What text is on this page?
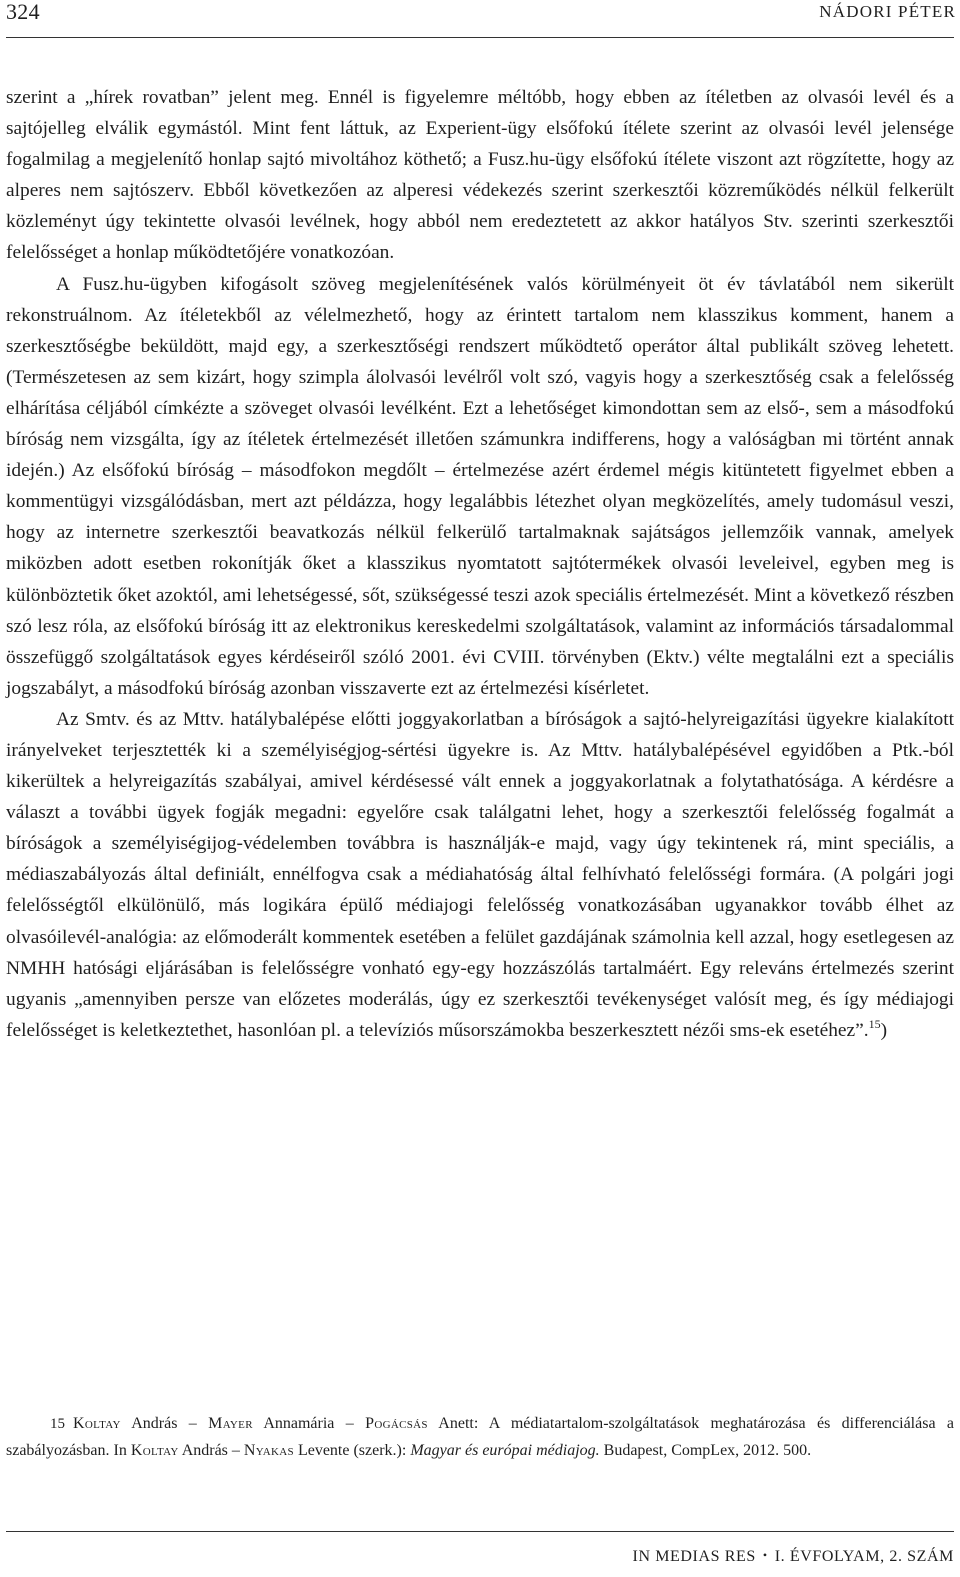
324	NÁDORI PÉTER

szerint a „hírek rovatban” jelent meg. Ennél is figyelemre méltóbb, hogy ebben az ítéletben az olvasói levél és a sajtójelleg elválik egymástól. Mint fent láttuk, az Experient-ügy elsőfokú ítélete szerint az olvasói levél jelensége fogalmilag a megjelenítő honlap sajtó mivoltához köthető; a Fusz.hu-ügy elsőfokú ítélete viszont azt rögzítette, hogy az alperes nem sajtószerv. Ebből következően az alperesi védekezés szerint szerkesztői közreműködés nélkül felkerült közleményt úgy tekintette olvasói levélnek, hogy abból nem eredeztetett az akkor hatályos Stv. szerinti szerkesztői felelősséget a honlap működtetőjére vonatkozóan.

A Fusz.hu-ügyben kifogásolt szöveg megjelenítésének valós körülményeit öt év távlatából nem sikerült rekonstruálnom. Az ítéletekből az vélelmezhető, hogy az érintett tartalom nem klasszikus komment, hanem a szerkesztőségbe beküldött, majd egy, a szerkesztőségi rendszert működtető operátor által publikált szöveg lehetett. (Természetesen az sem kizárt, hogy szimpla álolvasói levélről volt szó, vagyis hogy a szerkesztőség csak a felelősség elhárítása céljából címkézte a szöveget olvasói levélként. Ezt a lehetőséget kimondottan sem az első-, sem a másodfokú bíróság nem vizsgálta, így az ítéletek értelmezését illetően számunkra indifferens, hogy a valóságban mi történt annak idején.) Az elsőfokú bíróság – másodfokon megdőlt – értelmezése azért érdemel mégis kitüntetett figyelmet ebben a kommentügyi vizsgálódásban, mert azt példázza, hogy legalábbis létezhet olyan megközelítés, amely tudomásul veszi, hogy az internetre szerkesztői beavatkozás nélkül felkerülő tartalmaknak sajátságos jellemzőik vannak, amelyek miközben adott esetben rokonítják őket a klasszikus nyomtatott sajtótermékek olvasói leveleivel, egyben meg is különböztetik őket azoktól, ami lehetségessé, sőt, szükségessé teszi azok speciális értelmezését. Mint a következő részben szó lesz róla, az elsőfokú bíróság itt az elektronikus kereskedelmi szolgáltatások, valamint az információs társadalommal összefüggő szolgáltatások egyes kérdéseiről szóló 2001. évi CVIII. törvényben (Ektv.) vélte megtalálni ezt a speciális jogszabályt, a másodfokú bíróság azonban visszaverte ezt az értelmezési kísérletet.

Az Smtv. és az Mttv. hatálybalépése előtti joggyakorlatban a bíróságok a sajtó-helyreigazítási ügyekre kialakított irányelveket terjesztették ki a személyiségjog-sértési ügyekre is. Az Mttv. hatálybalépésével egyidőben a Ptk.-ból kikerültek a helyreigazítás szabályai, amivel kérdésessé vált ennek a joggyakorlatnak a folytathatósága. A kérdésre a választ a további ügyek fogják megadni: egyelőre csak találgatni lehet, hogy a szerkesztői felelősség fogalmát a bíróságok a személyiségijog-védelemben továbbra is használják-e majd, vagy úgy tekintenek rá, mint speciális, a médiaszabályozás által definiált, ennélfogva csak a médiahatóság által felhívható felelősségi formára. (A polgári jogi felelősségtől elkülönülő, más logikára épülő médiajogi felelősség vonatkozásában ugyanakkor tovább élhet az olvasóilevél-analógia: az előmoderált kommentek esetében a felület gazdájának számolnia kell azzal, hogy esetlegesen az NMHH hatósági eljárásában is felelősségre vonható egy-egy hozzászólás tartalmáért. Egy releváns értelmezés szerint ugyanis „amennyiben persze van előzetes moderálás, úgy ez szerkesztői tevékenységet valósít meg, és így médiajogi felelősséget is keletkeztethet, hasonlóan pl. a televíziós műsorszámokba beszerkesztett nézői sms-ek esetéhez”.$^{15}$)

15 Koltay András – Mayer Annamária – Pogácsás Anett: A médiatartalom-szolgáltatások meghatározása és differenciálása a szabályozásban. In Koltay András – Nyakas Levente (szerk.): Magyar és európai médiajog. Budapest, CompLex, 2012. 500.

IN MEDIAS RES • I. ÉVFOLYAM, 2. SZÁM
